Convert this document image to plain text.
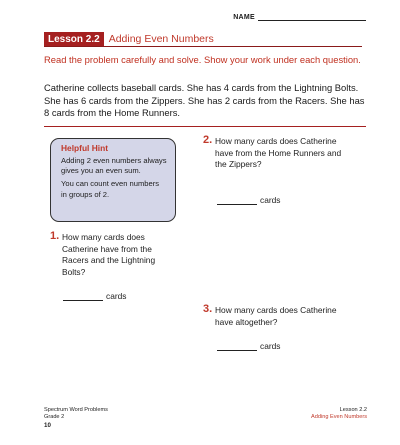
NAME
Lesson 2.2 Adding Even Numbers

Read the problem carefully and solve. Show your work under each question.

Catherine collects baseball cards. She has 4 cards from the Lightning Bolts. She has 6 cards from the Zippers. She has 2 cards from the Racers. She has 8 cards from the Home Runners.

Helpful Hint

Adding 2 even numbers always gives you an even sum.

You can count even numbers in groups of 2.

1. How many cards does Catherine have from the Racers and the Lightning Bolts?
cards
2. How many cards does Catherine have from the Home Runners and the Zippers?
cards
3. How many cards does Catherine have altogether?
cards
Spectrum Word Problems
Grade 2
10
Lesson 2.2
Adding Even Numbers
